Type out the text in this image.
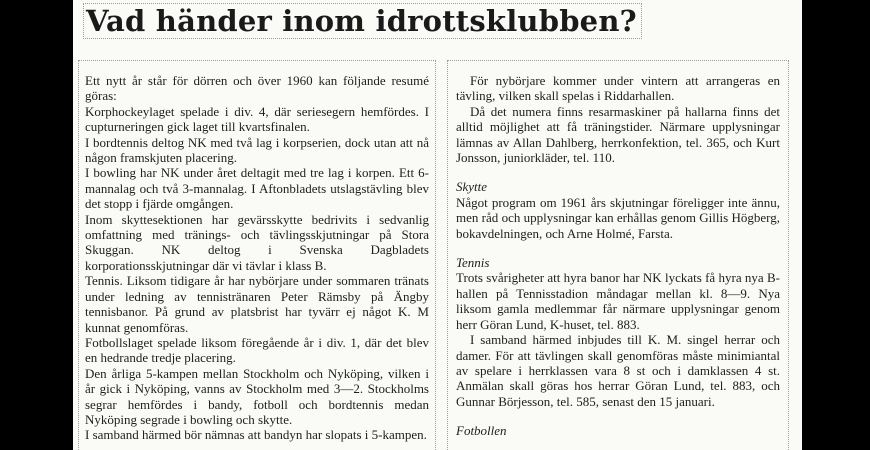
Vad händer inom idrottsklubben?

Ett nytt år står för dörren och över 1960 kan följande resumé göras:

Korphockeylaget spelade i div. 4, där seriesegern hemfördes. I cupturneringen gick laget till kvartsfinalen.

I bordtennis deltog NK med två lag i korpserien, dock utan att nå någon framskjuten placering.

I bowling har NK under året deltagit med tre lag i korpen. Ett 6-mannalag och två 3-mannalag. I Aftonbladets utslagstävling blev det stopp i fjärde omgången.

Inom skyttesektionen har gevärsskytte bedrivits i sedvanlig omfattning med tränings- och tävlingsskjutningar på Stora Skuggan. NK deltog i Svenska Dagbladets korporationsskjutningar där vi tävlar i klass B.

Tennis. Liksom tidigare år har nybörjare under sommaren tränats under ledning av tennistränaren Peter Rämsby på Ängby tennisbanor. På grund av platsbrist har tyvärr ej något K. M kunnat genomföras.

Fotbollslaget spelade liksom föregående år i div. 1, där det blev en hedrande tredje placering.

Den årliga 5-kampen mellan Stockholm och Nyköping, vilken i år gick i Nyköping, vanns av Stockholm med 3—2. Stockholms segrar hemfördes i bandy, fotboll och bordtennis medan Nyköping segrade i bowling och skytte.

I samband härmed bör nämnas att bandyn har slopats i 5-kampen.

För nybörjare kommer under vintern att arrangeras en tävling, vilken skall spelas i Riddarhallen.

Då det numera finns resarmaskiner på hallarna finns det alltid möjlighet att få träningstider. Närmare upplysningar lämnas av Allan Dahlberg, herrkonfektion, tel. 365, och Kurt Jonsson, juniorkläder, tel. 110.

Skytte

Något program om 1961 års skjutningar föreligger inte ännu, men råd och upplysningar kan erhållas genom Gillis Högberg, bokavdelningen, och Arne Holmé, Farsta.

Tennis

Trots svårigheter att hyra banor har NK lyckats få hyra nya B-hallen på Tennisstadion måndagar mellan kl. 8—9. Nya liksom gamla medlemmar får närmare upplysningar genom herr Göran Lund, K-huset, tel. 883.

I samband härmed inbjudes till K. M. singel herrar och damer. För att tävlingen skall genomföras måste minimiantal av spelare i herrklassen vara 8 st och i damklassen 4 st. Anmälan skall göras hos herrar Göran Lund, tel. 883, och Gunnar Börjesson, tel. 585, senast den 15 januari.

Fotbollen
